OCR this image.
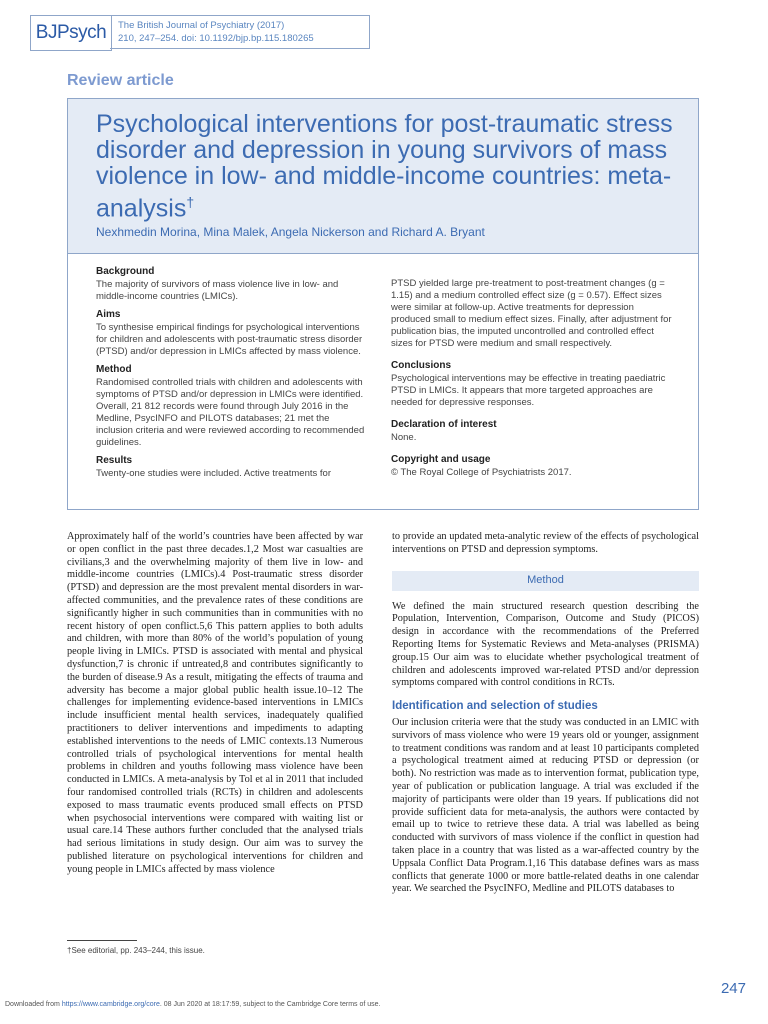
BJPsych The British Journal of Psychiatry (2017)
210, 247–254. doi: 10.1192/bjp.bp.115.180265
Review article
Psychological interventions for post-traumatic stress disorder and depression in young survivors of mass violence in low- and middle-income countries: meta-analysis†
Nexhmedin Morina, Mina Malek, Angela Nickerson and Richard A. Bryant
Background

The majority of survivors of mass violence live in low- and middle-income countries (LMICs).

Aims

To synthesise empirical findings for psychological interventions for children and adolescents with post-traumatic stress disorder (PTSD) and/or depression in LMICs affected by mass violence.

Method

Randomised controlled trials with children and adolescents with symptoms of PTSD and/or depression in LMICs were identified. Overall, 21 812 records were found through July 2016 in the Medline, PsycINFO and PILOTS databases; 21 met the inclusion criteria and were reviewed according to recommended guidelines.

Results

Twenty-one studies were included. Active treatments for

PTSD yielded large pre-treatment to post-treatment changes (g = 1.15) and a medium controlled effect size (g = 0.57). Effect sizes were similar at follow-up. Active treatments for depression produced small to medium effect sizes. Finally, after adjustment for publication bias, the imputed uncontrolled and controlled effect sizes for PTSD were medium and small respectively.

Conclusions

Psychological interventions may be effective in treating paediatric PTSD in LMICs. It appears that more targeted approaches are needed for depressive responses.

Declaration of interest

None.

Copyright and usage

© The Royal College of Psychiatrists 2017.

Approximately half of the world’s countries have been affected by war or open conflict in the past three decades.1,2 Most war casualties are civilians,3 and the overwhelming majority of them live in low- and middle-income countries (LMICs).4 Post-traumatic stress disorder (PTSD) and depression are the most prevalent mental disorders in war-affected communities, and the prevalence rates of these conditions are significantly higher in such communities than in communities with no recent history of open conflict.5,6 This pattern applies to both adults and children, with more than 80% of the world’s population of young people living in LMICs. PTSD is associated with mental and physical dysfunction,7 is chronic if untreated,8 and contributes significantly to the burden of disease.9 As a result, mitigating the effects of trauma and adversity has become a major global public health issue.10–12 The challenges for implementing evidence-based interventions in LMICs include insufficient mental health services, inadequately qualified practitioners to deliver interventions and impediments to adapting established interventions to the needs of LMIC contexts.13 Numerous controlled trials of psychological interventions for mental health problems in children and youths following mass violence have been conducted in LMICs. A meta-analysis by Tol et al in 2011 that included four randomised controlled trials (RCTs) in children and adolescents exposed to mass traumatic events produced small effects on PTSD when psychosocial interventions were compared with waiting list or usual care.14 These authors further concluded that the analysed trials had serious limitations in study design. Our aim was to survey the published literature on psychological interventions for children and young people in LMICs affected by mass violence

to provide an updated meta-analytic review of the effects of psychological interventions on PTSD and depression symptoms.

Method

We defined the main structured research question describing the Population, Intervention, Comparison, Outcome and Study (PICOS) design in accordance with the recommendations of the Preferred Reporting Items for Systematic Reviews and Meta-analyses (PRISMA) group.15 Our aim was to elucidate whether psychological treatment of children and adolescents improved war-related PTSD and/or depression symptoms compared with control conditions in RCTs.

Identification and selection of studies

Our inclusion criteria were that the study was conducted in an LMIC with survivors of mass violence who were 19 years old or younger, assignment to treatment conditions was random and at least 10 participants completed a psychological treatment aimed at reducing PTSD or depression (or both). No restriction was made as to intervention format, publication type, year of publication or publication language. A trial was excluded if the majority of participants were older than 19 years. If publications did not provide sufficient data for meta-analysis, the authors were contacted by email up to twice to retrieve these data. A trial was labelled as being conducted with survivors of mass violence if the conflict in question had taken place in a country that was listed as a war-affected country by the Uppsala Conflict Data Program.1,16 This database defines wars as mass conflicts that generate 1000 or more battle-related deaths in one calendar year. We searched the PsycINFO, Medline and PILOTS databases to

†See editorial, pp. 243–244, this issue.
247
Downloaded from https://www.cambridge.org/core. 08 Jun 2020 at 18:17:59, subject to the Cambridge Core terms of use.
